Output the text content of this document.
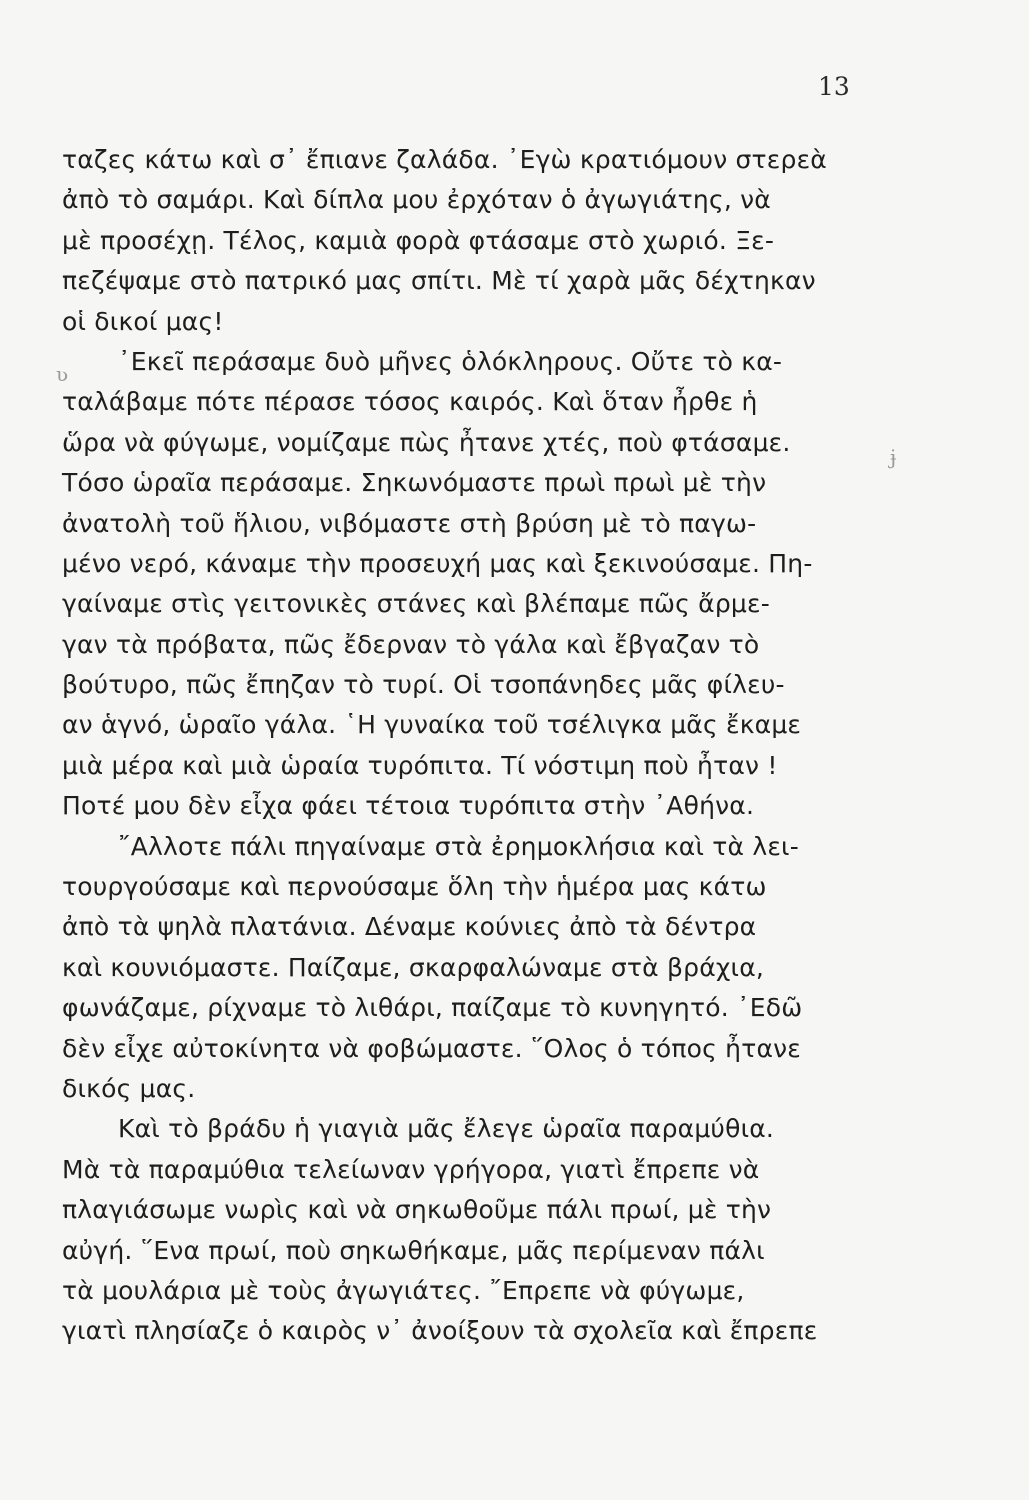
13
ταζες κάτω καὶ σ᾽ ἔπιανε ζαλάδα. ᾽Εγὼ κρατιόμουν στερεὰ
ἀπὸ τὸ σαμάρι. Καὶ δίπλα μου ἐρχόταν ὁ ἀγωγιάτης, νὰ
μὲ προσέχῃ. Τέλος, καμιὰ φορὰ φτάσαμε στὸ χωριό. Ξε-
πεζέψαμε στὸ πατρικό μας σπίτι. Μὲ τί χαρὰ μᾶς δέχτηκαν
οἱ δικοί μας!
᾽Εκεῖ περάσαμε δυὸ μῆνες ὁλόκληρους. Οὔτε τὸ κα-
ταλάβαμε πότε πέρασε τόσος καιρός. Καὶ ὅταν ἦρθε ἡ
ὥρα νὰ φύγωμε, νομίζαμε πὼς ἦτανε χτές, ποὺ φτάσαμε.
Τόσο ὡραῖα περάσαμε. Σηκωνόμαστε πρωὶ πρωὶ μὲ τὴν
ἀνατολὴ τοῦ ἥλιου, νιβόμαστε στὴ βρύση μὲ τὸ παγω-
μένο νερό, κάναμε τὴν προσευχή μας καὶ ξεκινούσαμε. Πη-
γαίναμε στὶς γειτονικὲς στάνες καὶ βλέπαμε πῶς ἄρμε-
γαν τὰ πρόβατα, πῶς ἔδερναν τὸ γάλα καὶ ἔβγαζαν τὸ
βούτυρο, πῶς ἔπηζαν τὸ τυρί. Οἱ τσοπάνηδες μᾶς φίλευ-
αν ἁγνό, ὡραῖο γάλα. ῾Η γυναίκα τοῦ τσέλιγκα μᾶς ἔκαμε
μιὰ μέρα καὶ μιὰ ὡραία τυρόπιτα. Τί νόστιμη ποὺ ἦταν !
Ποτέ μου δὲν εἶχα φάει τέτοια τυρόπιτα στὴν ᾽Αθήνα.
῎Αλλοτε πάλι πηγαίναμε στὰ ἐρημοκλήσια καὶ τὰ λει-
τουργούσαμε καὶ περνούσαμε ὅλη τὴν ἡμέρα μας κάτω
ἀπὸ τὰ ψηλὰ πλατάνια. Δέναμε κούνιες ἀπὸ τὰ δέντρα
καὶ κουνιόμαστε. Παίζαμε, σκαρφαλώναμε στὰ βράχια,
φωνάζαμε, ρίχναμε τὸ λιθάρι, παίζαμε τὸ κυνηγητό. ᾽Εδῶ
δὲν εἶχε αὐτοκίνητα νὰ φοβώμαστε. ῞Ολος ὁ τόπος ἦτανε
δικός μας.
Καὶ τὸ βράδυ ἡ γιαγιὰ μᾶς ἔλεγε ὡραῖα παραμύθια.
Μὰ τὰ παραμύθια τελείωναν γρήγορα, γιατὶ ἔπρεπε νὰ
πλαγιάσωμε νωρὶς καὶ νὰ σηκωθοῦμε πάλι πρωί, μὲ τὴν
αὐγή. ῞Ενα πρωί, ποὺ σηκωθήκαμε, μᾶς περίμεναν πάλι
τὰ μουλάρια μὲ τοὺς ἀγωγιάτες. ῎Επρεπε νὰ φύγωμε,
γιατὶ πλησίαζε ὁ καιρὸς ν᾽ ἀνοίξουν τὰ σχολεῖα καὶ ἔπρεπε
ʋ
ɉ
